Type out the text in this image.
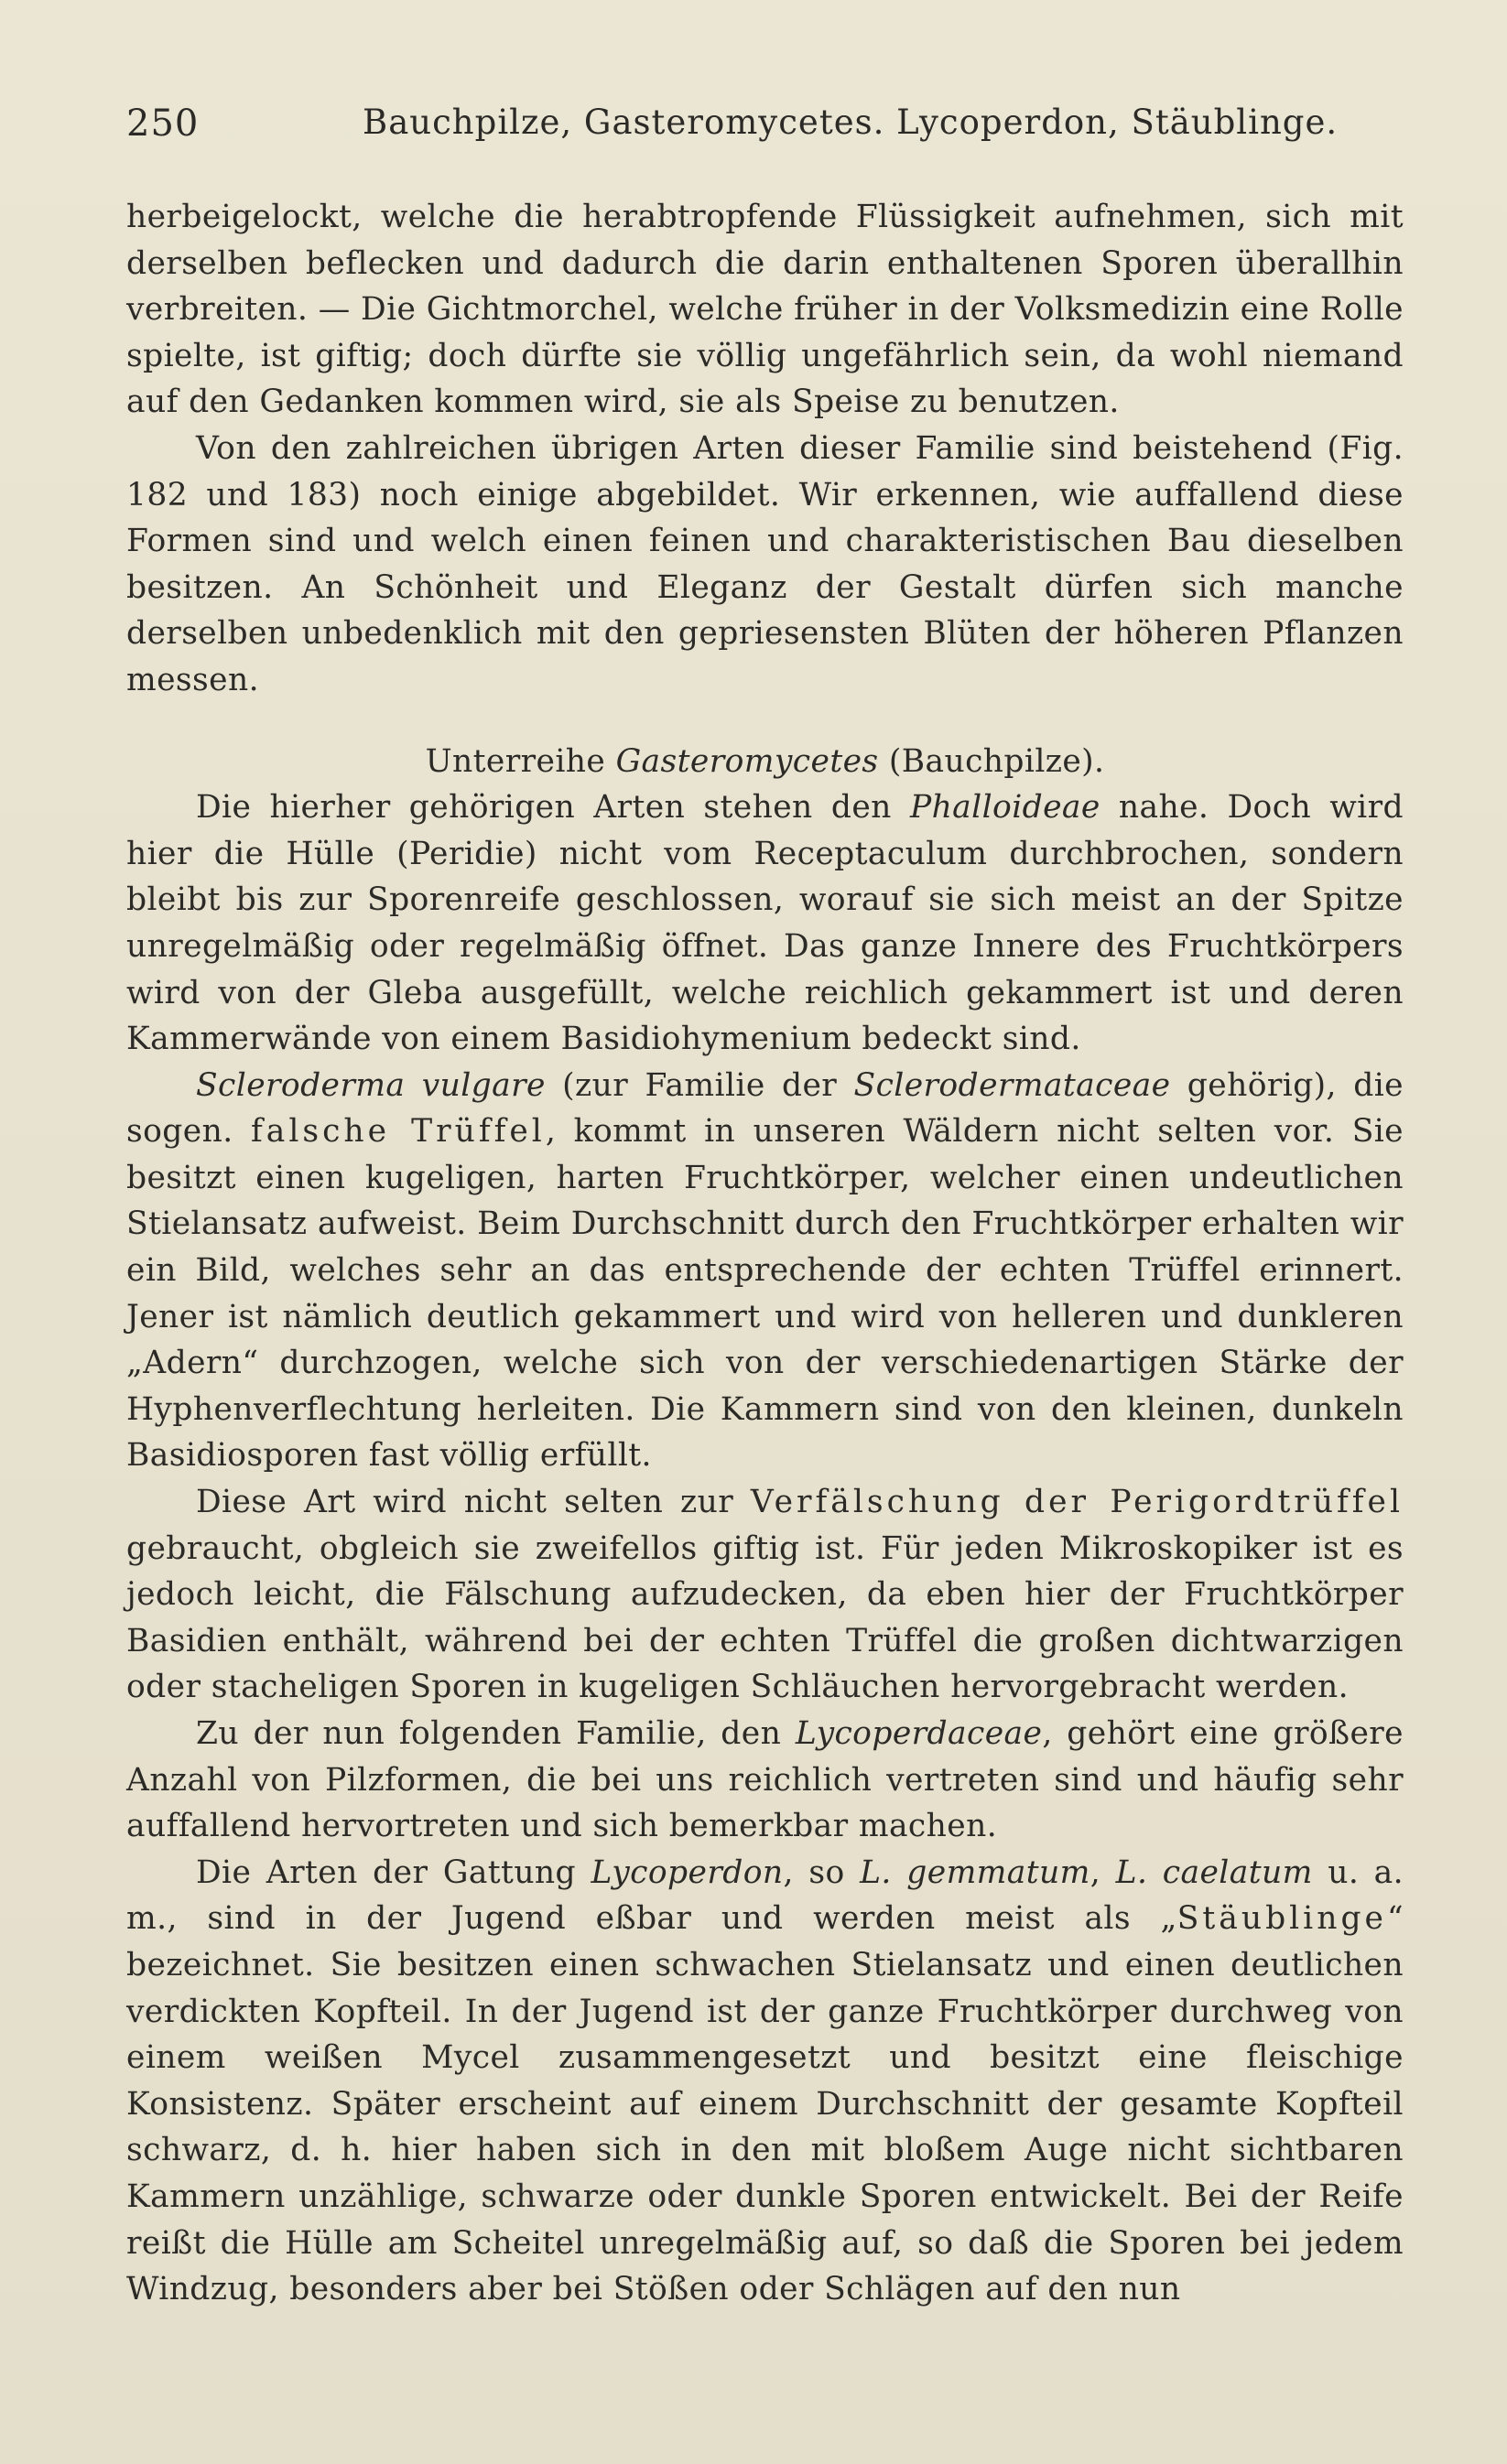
250	Bauchpilze, Gasteromycetes. Lycoperdon, Stäublinge.

herbeigelockt, welche die herabtropfende Flüssigkeit aufnehmen, sich mit derselben beflecken und dadurch die darin enthaltenen Sporen überallhin verbreiten. — Die Gichtmorchel, welche früher in der Volksmedizin eine Rolle spielte, ist giftig; doch dürfte sie völlig ungefährlich sein, da wohl niemand auf den Gedanken kommen wird, sie als Speise zu benutzen.

Von den zahlreichen übrigen Arten dieser Familie sind beistehend (Fig. 182 und 183) noch einige abgebildet. Wir erkennen, wie auffallend diese Formen sind und welch einen feinen und charakteristischen Bau dieselben besitzen. An Schönheit und Eleganz der Gestalt dürfen sich manche derselben unbedenklich mit den gepriesensten Blüten der höheren Pflanzen messen.

Unterreihe Gasteromycetes (Bauchpilze).

Die hierher gehörigen Arten stehen den Phalloideae nahe. Doch wird hier die Hülle (Peridie) nicht vom Receptaculum durchbrochen, sondern bleibt bis zur Sporenreife geschlossen, worauf sie sich meist an der Spitze unregelmäßig oder regelmäßig öffnet. Das ganze Innere des Fruchtkörpers wird von der Gleba ausgefüllt, welche reichlich gekammert ist und deren Kammerwände von einem Basidiohymenium bedeckt sind.

Scleroderma vulgare (zur Familie der Sclerodermataceae gehörig), die sogen. falsche Trüffel, kommt in unseren Wäldern nicht selten vor. Sie besitzt einen kugeligen, harten Fruchtkörper, welcher einen undeutlichen Stielansatz aufweist. Beim Durchschnitt durch den Fruchtkörper erhalten wir ein Bild, welches sehr an das entsprechende der echten Trüffel erinnert. Jener ist nämlich deutlich gekammert und wird von helleren und dunkleren „Adern“ durchzogen, welche sich von der verschiedenartigen Stärke der Hyphenverflechtung herleiten. Die Kammern sind von den kleinen, dunkeln Basidiosporen fast völlig erfüllt.

Diese Art wird nicht selten zur Verfälschung der Perigordtrüffel gebraucht, obgleich sie zweifellos giftig ist. Für jeden Mikroskopiker ist es jedoch leicht, die Fälschung aufzudecken, da eben hier der Fruchtkörper Basidien enthält, während bei der echten Trüffel die großen dichtwarzigen oder stacheligen Sporen in kugeligen Schläuchen hervorgebracht werden.

Zu der nun folgenden Familie, den Lycoperdaceae, gehört eine größere Anzahl von Pilzformen, die bei uns reichlich vertreten sind und häufig sehr auffallend hervortreten und sich bemerkbar machen.

Die Arten der Gattung Lycoperdon, so L. gemmatum, L. caelatum u. a. m., sind in der Jugend eßbar und werden meist als „Stäublinge“ bezeichnet. Sie besitzen einen schwachen Stielansatz und einen deutlichen verdickten Kopfteil. In der Jugend ist der ganze Fruchtkörper durchweg von einem weißen Mycel zusammengesetzt und besitzt eine fleischige Konsistenz. Später erscheint auf einem Durchschnitt der gesamte Kopfteil schwarz, d. h. hier haben sich in den mit bloßem Auge nicht sichtbaren Kammern unzählige, schwarze oder dunkle Sporen entwickelt. Bei der Reife reißt die Hülle am Scheitel unregelmäßig auf, so daß die Sporen bei jedem Windzug, besonders aber bei Stößen oder Schlägen auf den nun
